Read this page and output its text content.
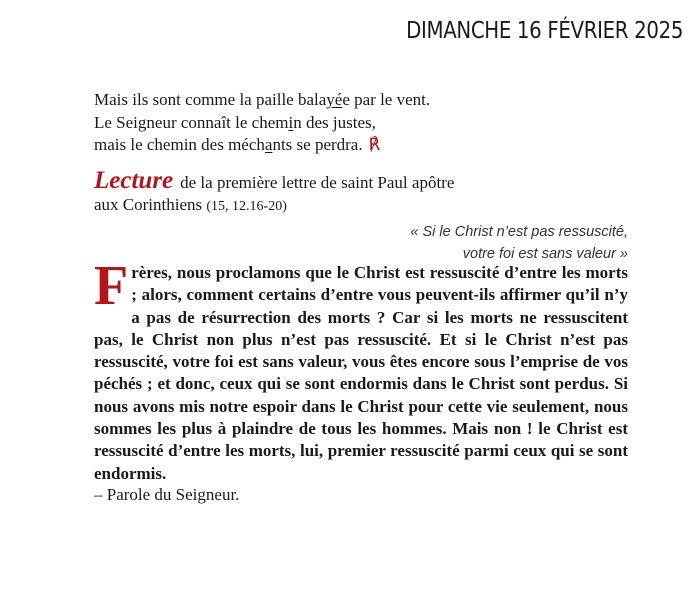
DIMANCHE 16 FÉVRIER 2025
Mais ils sont comme la paille balayée par le vent.
Le Seigneur connaît le chemin des justes,
mais le chemin des méchants se perdra. ℟
Lecture de la première lettre de saint Paul apôtre
aux Corinthiens (15, 12.16-20)
« Si le Christ n’est pas ressuscité,
votre foi est sans valeur »
Frères, nous proclamons que le Christ est ressuscité d’entre les morts ; alors, comment certains d’entre vous peuvent-ils affirmer qu’il n’y a pas de résurrection des morts ? Car si les morts ne ressuscitent pas, le Christ non plus n’est pas ressuscité. Et si le Christ n’est pas ressuscité, votre foi est sans valeur, vous êtes encore sous l’emprise de vos péchés ; et donc, ceux qui se sont endormis dans le Christ sont perdus. Si nous avons mis notre espoir dans le Christ pour cette vie seulement, nous sommes les plus à plaindre de tous les hommes. Mais non ! le Christ est ressuscité d’entre les morts, lui, premier ressuscité parmi ceux qui se sont endormis.
– Parole du Seigneur.
